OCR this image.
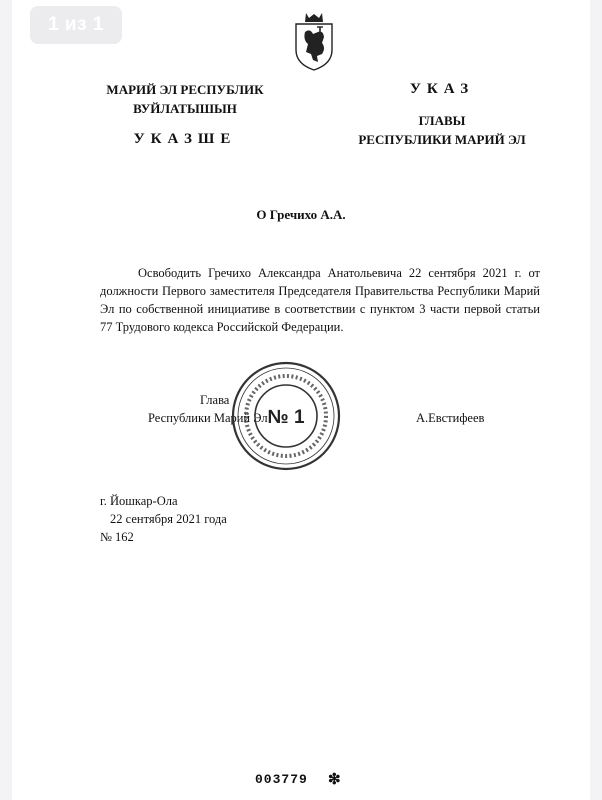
1 из 1
МАРИЙ ЭЛ РЕСПУБЛИК
ВУЙЛАТЫШЫН
УКАЗШЕ
УКАЗ
ГЛАВЫ
РЕСПУБЛИКИ МАРИЙ ЭЛ
О Гречихо А.А.
Освободить Гречихо Александра Анатольевича 22 сентября 2021 г. от должности Первого заместителя Председателя Правительства Республики Марий Эл по собственной инициативе в соответствии с пунктом 3 части первой статьи 77 Трудового кодекса Российской Федерации.
Глава
Республики Марий Эл	А.Евстифеев
№ 1
г. Йошкар-Ола
22 сентября 2021 года
№ 162
003779 ❇
